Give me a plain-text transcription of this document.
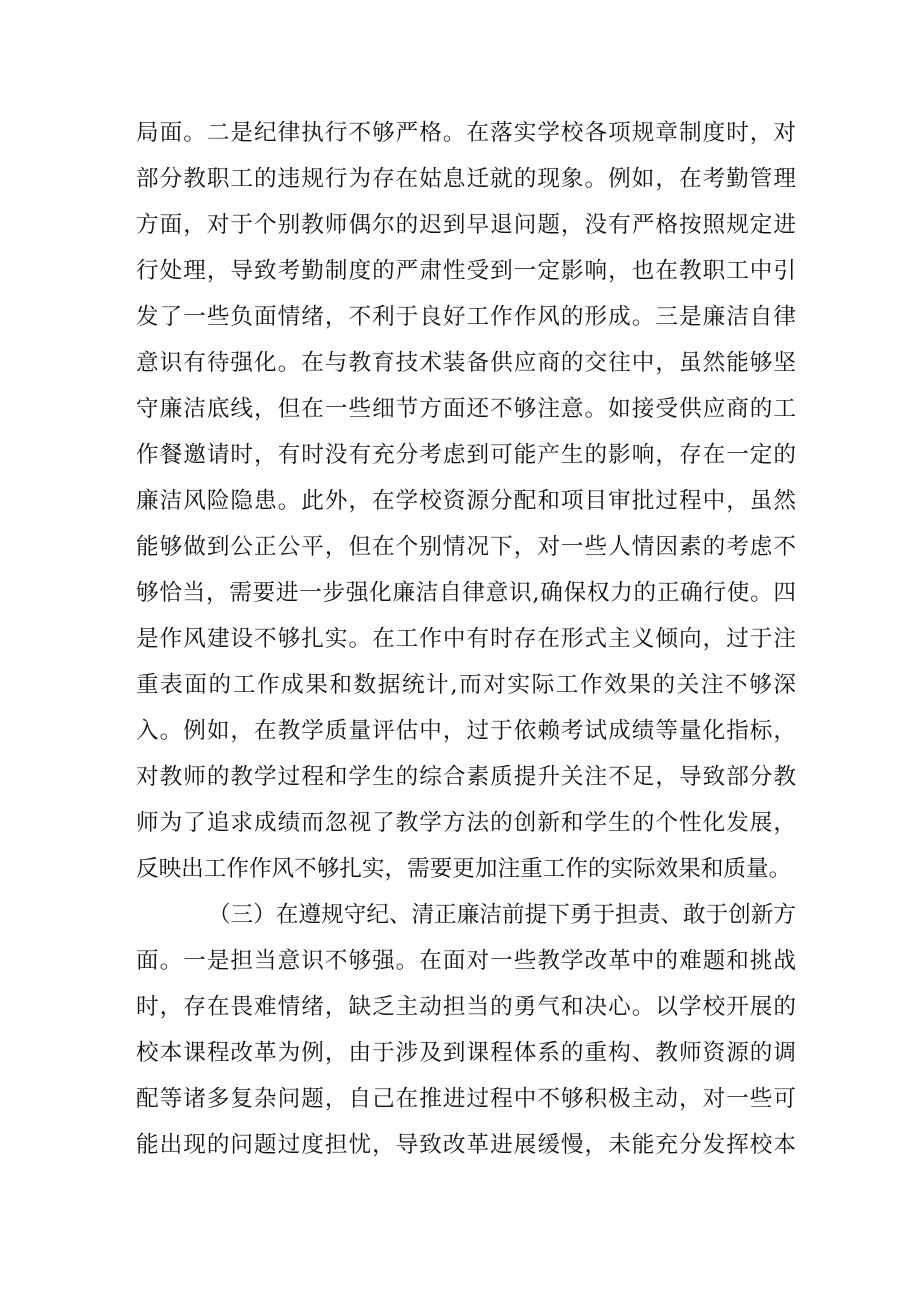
局面。二是纪律执行不够严格。在落实学校各项规章制度时，对
部分教职工的违规行为存在姑息迁就的现象。例如，在考勤管理
方面，对于个别教师偶尔的迟到早退问题，没有严格按照规定进
行处理，导致考勤制度的严肃性受到一定影响，也在教职工中引
发了一些负面情绪，不利于良好工作作风的形成。三是廉洁自律
意识有待强化。在与教育技术装备供应商的交往中，虽然能够坚
守廉洁底线，但在一些细节方面还不够注意。如接受供应商的工
作餐邀请时，有时没有充分考虑到可能产生的影响，存在一定的
廉洁风险隐患。此外，在学校资源分配和项目审批过程中，虽然
能够做到公正公平，但在个别情况下，对一些人情因素的考虑不
够恰当，需要进一步强化廉洁自律意识,确保权力的正确行使。四
是作风建设不够扎实。在工作中有时存在形式主义倾向，过于注
重表面的工作成果和数据统计,而对实际工作效果的关注不够深
入。例如，在教学质量评估中，过于依赖考试成绩等量化指标，
对教师的教学过程和学生的综合素质提升关注不足，导致部分教
师为了追求成绩而忽视了教学方法的创新和学生的个性化发展，
反映出工作作风不够扎实，需要更加注重工作的实际效果和质量。
（三）在遵规守纪、清正廉洁前提下勇于担责、敢于创新方
面。一是担当意识不够强。在面对一些教学改革中的难题和挑战
时，存在畏难情绪，缺乏主动担当的勇气和决心。以学校开展的
校本课程改革为例，由于涉及到课程体系的重构、教师资源的调
配等诸多复杂问题，自己在推进过程中不够积极主动，对一些可
能出现的问题过度担忧，导致改革进展缓慢，未能充分发挥校本
